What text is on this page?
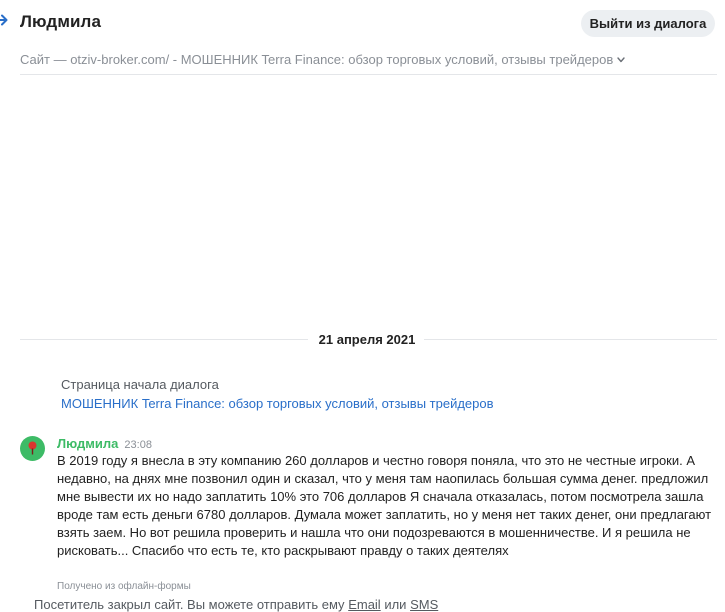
Людмила	Выйти из диалога
Сайт — otziv-broker.com/ - МОШЕННИК Terra Finance: обзор торговых условий, отзывы трейдеров
21 апреля 2021
Страница начала диалога
МОШЕННИК Terra Finance: обзор торговых условий, отзывы трейдеров
Людмила 23:08
В 2019 году я внесла в эту компанию 260 долларов и честно говоря поняла, что это не честные игроки. А недавно, на днях мне позвонил один и сказал, что у меня там наопилась большая сумма денег. предложил мне вывести их но надо заплатить 10% это 706 долларов Я сначала отказалась, потом посмотрела зашла вроде там есть деньги 6780 долларов. Думала может заплатить, но у меня нет таких денег, они предлагают взять заем. Но вот решила проверить и нашла что они подозреваются в мошенничестве. И я решила не рисковать... Спасибо что есть те, кто раскрывают правду о таких деятелях
Получено из офлайн-формы
Посетитель закрыл сайт. Вы можете отправить ему Email или SMS
